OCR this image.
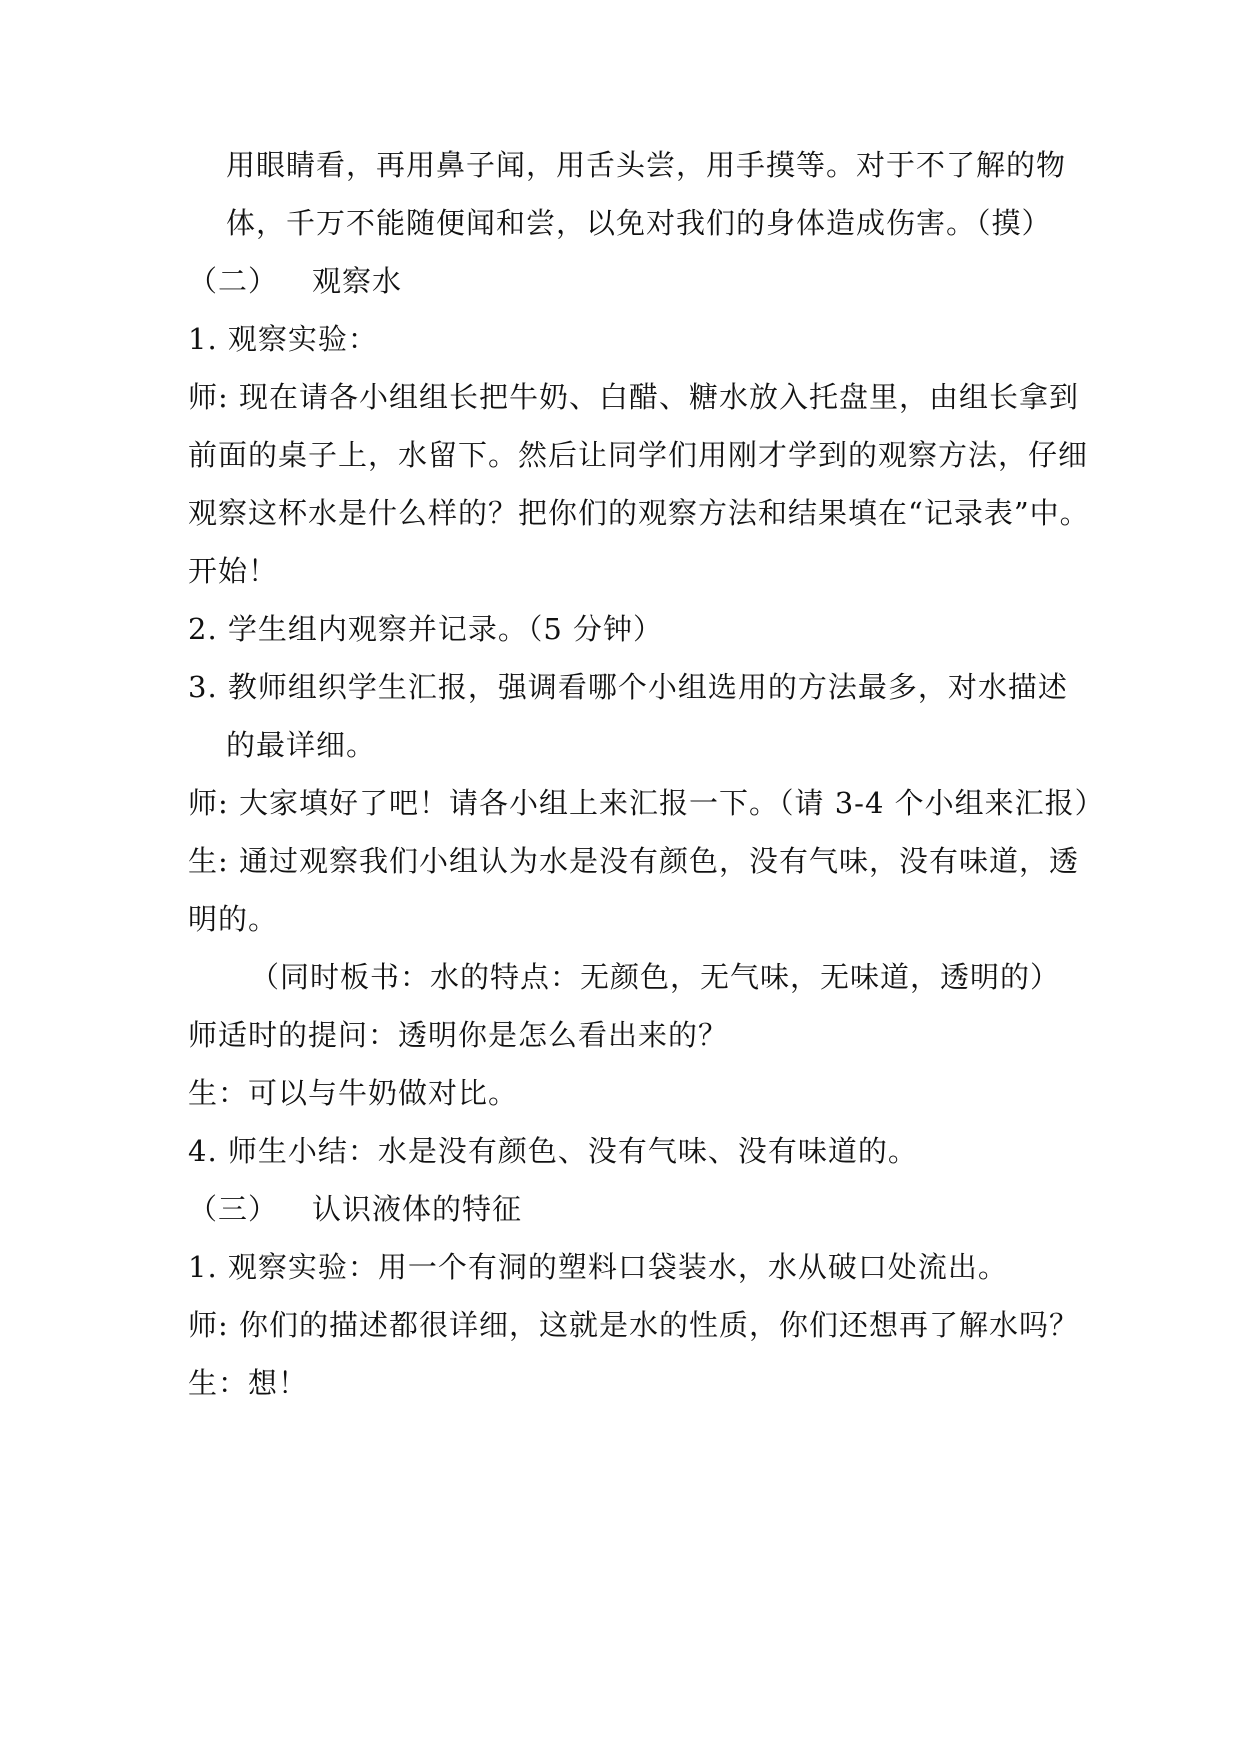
用眼睛看，再用鼻子闻，用舌头尝，用手摸等。对于不了解的物
体，千万不能随便闻和尝，以免对我们的身体造成伤害。（摸）
（二） 观察水
1. 观察实验：
师: 现在请各小组组长把牛奶、白醋、糖水放入托盘里，由组长拿到
前面的桌子上，水留下。然后让同学们用刚才学到的观察方法，仔细
观察这杯水是什么样的？把你们的观察方法和结果填在“记录表”中。
开始！
2. 学生组内观察并记录。（5 分钟）
3. 教师组织学生汇报，强调看哪个小组选用的方法最多，对水描述
的最详细。
师: 大家填好了吧！请各小组上来汇报一下。（请 3-4 个小组来汇报）
生: 通过观察我们小组认为水是没有颜色，没有气味，没有味道，透
明的。
（同时板书：水的特点：无颜色，无气味，无味道，透明的）
师适时的提问：透明你是怎么看出来的？
生：可以与牛奶做对比。
4. 师生小结：水是没有颜色、没有气味、没有味道的。
（三） 认识液体的特征
1. 观察实验：用一个有洞的塑料口袋装水，水从破口处流出。
师: 你们的描述都很详细，这就是水的性质，你们还想再了解水吗？
生：想！
